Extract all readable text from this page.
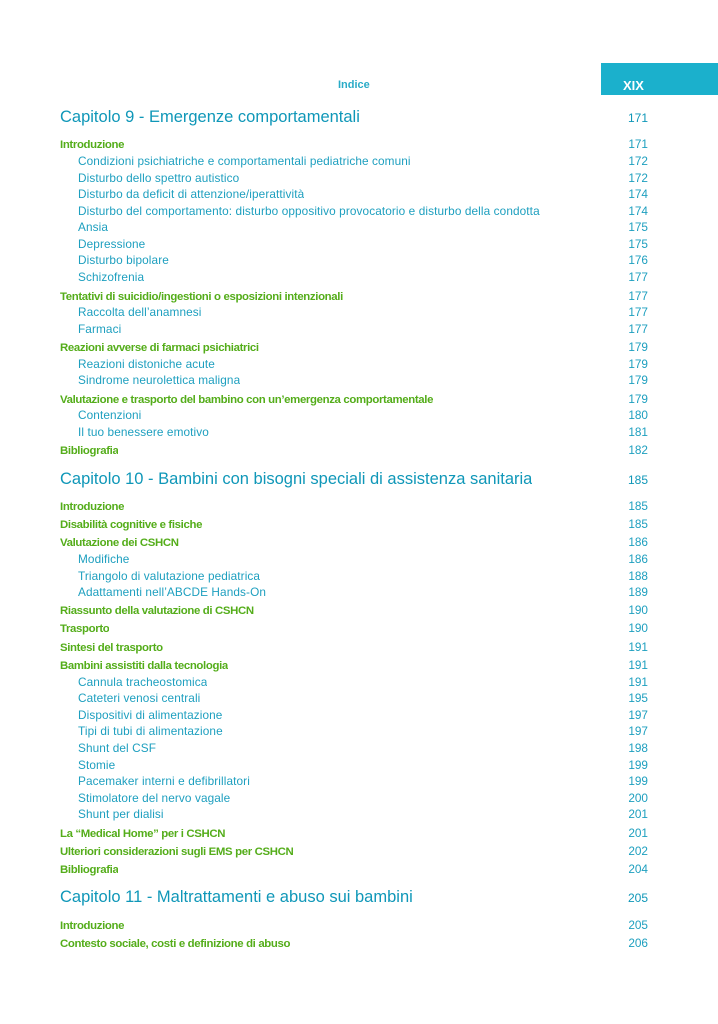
Indice	XIX
Capitolo 9 - Emergenze comportamentali	171
Introduzione	171
Condizioni psichiatriche e comportamentali pediatriche comuni	172
Disturbo dello spettro autistico	172
Disturbo da deficit di attenzione/iperattività	174
Disturbo del comportamento: disturbo oppositivo provocatorio e disturbo della condotta	174
Ansia	175
Depressione	175
Disturbo bipolare	176
Schizofrenia	177
Tentativi di suicidio/ingestioni o esposizioni intenzionali	177
Raccolta dell’anamnesi	177
Farmaci	177
Reazioni avverse di farmaci psichiatrici	179
Reazioni distoniche acute	179
Sindrome neurolettica maligna	179
Valutazione e trasporto del bambino con un’emergenza comportamentale	179
Contenzioni	180
Il tuo benessere emotivo	181
Bibliografia	182
Capitolo 10 - Bambini con bisogni speciali di assistenza sanitaria	185
Introduzione	185
Disabilità cognitive e fisiche	185
Valutazione dei CSHCN	186
Modifiche	186
Triangolo di valutazione pediatrica	188
Adattamenti nell’ABCDE Hands-On	189
Riassunto della valutazione di CSHCN	190
Trasporto	190
Sintesi del trasporto	191
Bambini assistiti dalla tecnologia	191
Cannula tracheostomica	191
Cateteri venosi centrali	195
Dispositivi di alimentazione	197
Tipi di tubi di alimentazione	197
Shunt del CSF	198
Stomie	199
Pacemaker interni e defibrillatori	199
Stimolatore del nervo vagale	200
Shunt per dialisi	201
La “Medical Home” per i CSHCN	201
Ulteriori considerazioni sugli EMS per CSHCN	202
Bibliografia	204
Capitolo 11 - Maltrattamenti e abuso sui bambini	205
Introduzione	205
Contesto sociale, costi e definizione di abuso	206
